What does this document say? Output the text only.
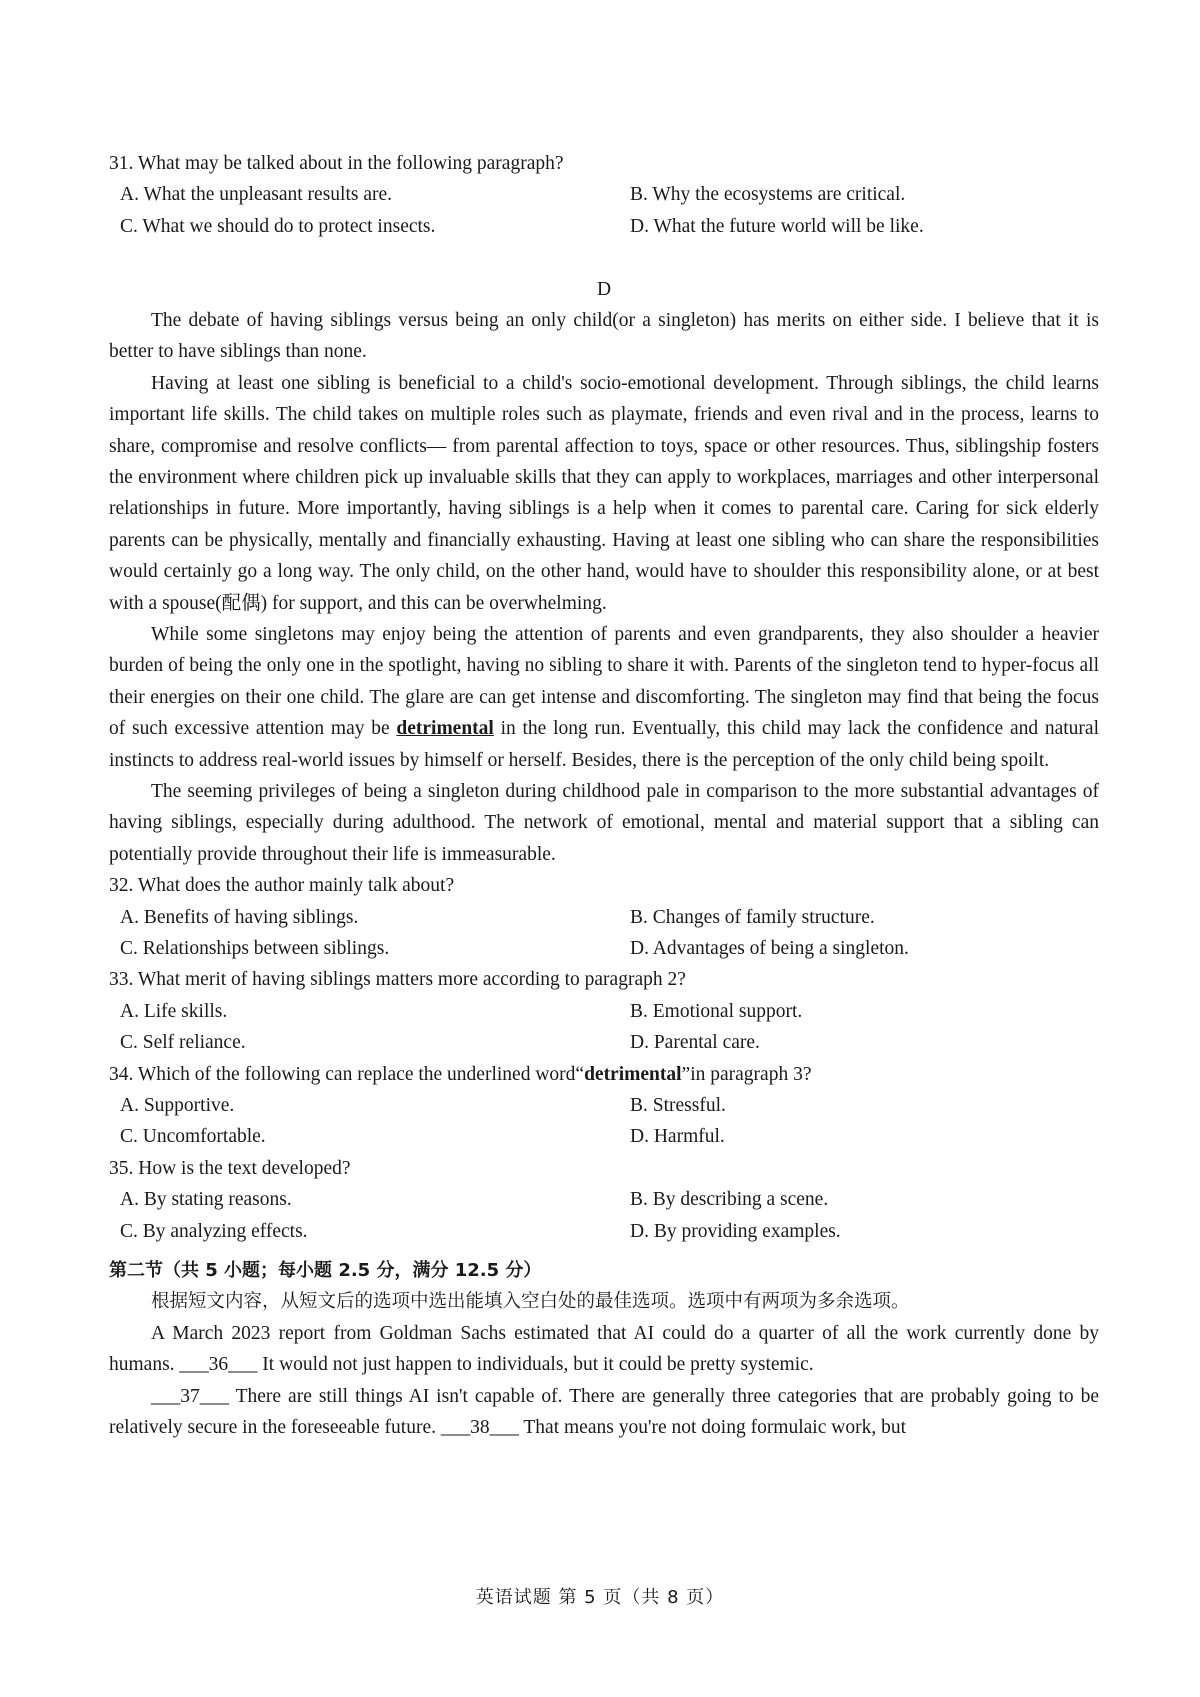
31. What may be talked about in the following paragraph?
A. What the unpleasant results are.	B. Why the ecosystems are critical.
C. What we should do to protect insects.	D. What the future world will be like.
D

The debate of having siblings versus being an only child(or a singleton) has merits on either side. I believe that it is better to have siblings than none.

Having at least one sibling is beneficial to a child's socio-emotional development. Through siblings, the child learns important life skills. The child takes on multiple roles such as playmate, friends and even rival and in the process, learns to share, compromise and resolve conflicts— from parental affection to toys, space or other resources. Thus, siblingship fosters the environment where children pick up invaluable skills that they can apply to workplaces, marriages and other interpersonal relationships in future. More importantly, having siblings is a help when it comes to parental care. Caring for sick elderly parents can be physically, mentally and financially exhausting. Having at least one sibling who can share the responsibilities would certainly go a long way. The only child, on the other hand, would have to shoulder this responsibility alone, or at best with a spouse(配偶) for support, and this can be overwhelming.

While some singletons may enjoy being the attention of parents and even grandparents, they also shoulder a heavier burden of being the only one in the spotlight, having no sibling to share it with. Parents of the singleton tend to hyper-focus all their energies on their one child. The glare are can get intense and discomforting. The singleton may find that being the focus of such excessive attention may be detrimental in the long run. Eventually, this child may lack the confidence and natural instincts to address real-world issues by himself or herself. Besides, there is the perception of the only child being spoilt.

The seeming privileges of being a singleton during childhood pale in comparison to the more substantial advantages of having siblings, especially during adulthood. The network of emotional, mental and material support that a sibling can potentially provide throughout their life is immeasurable.

32. What does the author mainly talk about?
A. Benefits of having siblings.	B. Changes of family structure.
C. Relationships between siblings.	D. Advantages of being a singleton.
33. What merit of having siblings matters more according to paragraph 2?
A. Life skills.	B. Emotional support.
C. Self reliance.	D. Parental care.
34. Which of the following can replace the underlined word“detrimental”in paragraph 3?
A. Supportive.	B. Stressful.
C. Uncomfortable.	D. Harmful.
35. How is the text developed?
A. By stating reasons.	B. By describing a scene.
C. By analyzing effects.	D. By providing examples.
第二节（共 5 小题；每小题 2.5 分，满分 12.5 分）

根据短文内容，从短文后的选项中选出能填入空白处的最佳选项。选项中有两项为多余选项。

A March 2023 report from Goldman Sachs estimated that AI could do a quarter of all the work currently done by humans. ___36___ It would not just happen to individuals, but it could be pretty systemic.

___37___ There are still things AI isn't capable of. There are generally three categories that are probably going to be relatively secure in the foreseeable future. ___38___ That means you're not doing formulaic work, but

英语试题 第 5 页（共 8 页）
